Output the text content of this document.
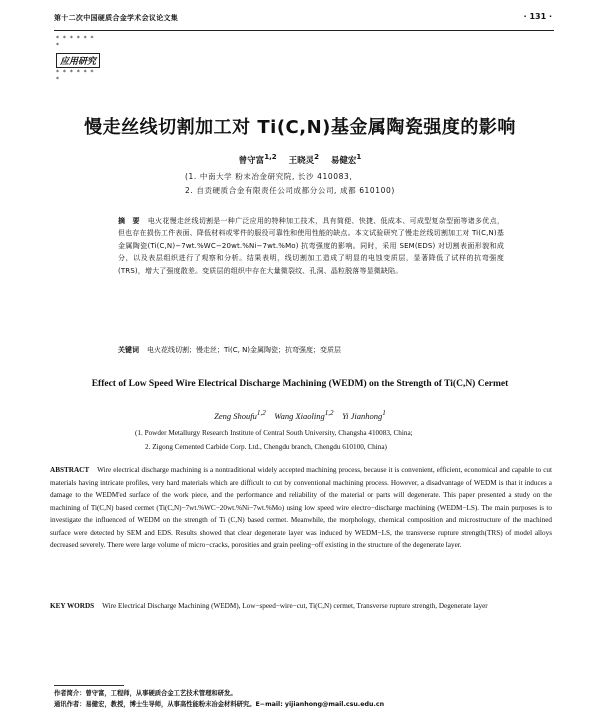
第十二次中国硬质合金学术会议论文集	· 131 ·
* * * * * * *
应用研究
* * * * * * *
慢走丝线切割加工对 Ti(C,N)基金属陶瓷强度的影响
曾守富$^{1,2}$ 王晓灵$^2$ 易健宏$^1$
(1. 中南大学 粉末冶金研究院, 长沙 410083,
2. 自贡硬质合金有限责任公司成都分公司, 成都 610100)
摘　要 电火花慢走丝线切割是一种广泛应用的特种加工技术，具有简便、快捷、低成本、可成型复杂型面等诸多优点，但也存在损伤工件表面、降低材料或零件的服役可靠性和使用性能的缺点。本文试验研究了慢走丝线切割加工对 Ti(C,N)基金属陶瓷(Ti(C,N)−7wt.%WC−20wt.%Ni−7wt.%Mo) 抗弯强度的影响。同时，采用 SEM(EDS) 对切割表面形貌和成分，以及表层组织进行了观察和分析。结果表明，线切割加工造成了明显的电蚀变质层，显著降低了试样的抗弯强度(TRS)，增大了强度散差。变质层的组织中存在大量微裂纹、孔洞、晶粒脱落等显微缺陷。
关键词 电火花线切割；慢走丝；Ti(C, N)金属陶瓷；抗弯强度；变质层
Effect of Low Speed Wire Electrical Discharge Machining (WEDM) on the Strength of Ti(C,N) Cermet
Zeng Shoufu$^{1,2}$ Wang Xiaoling$^{1,2}$ Yi Jianhong$^1$
(1. Powder Metallurgy Research Institute of Central South University, Changsha 410083, China;
2. Zigong Cemented Carbide Corp. Ltd., Chengdu branch, Chengdu 610100, China)
ABSTRACT Wire electrical discharge machining is a nontraditional widely accepted machining process, because it is convenient, efficient, economical and capable to cut materials having intricate profiles, very hard materials which are difficult to cut by conventional machining process. However, a disadvantage of WEDM is that it induces a damage to the WEDM'ed surface of the work piece, and the performance and reliability of the material or parts will degenerate. This paper presented a study on the machining of Ti(C,N) based cermet (Ti(C,N)−7wt.%WC−20wt.%Ni−7wt.%Mo) using low speed wire electro−discharge machining (WEDM−LS). The main purposes is to investigate the influenced of WEDM on the strength of Ti (C,N) based cermet. Meanwhile, the morphology, chemical composition and microstructure of the machined surface were detected by SEM and EDS. Results showed that clear degenerate layer was induced by WEDM−LS, the transverse rupture strength(TRS) of model alloys decreased severely. There were large volume of micro−cracks, porosities and grain peeling−off existing in the structure of the degenerate layer.
KEY WORDS Wire Electrical Discharge Machining (WEDM), Low−speed−wire−cut, Ti(C,N) cermet, Transverse rupture strength, Degenerate layer
作者简介：曾守富，工程师，从事硬质合金工艺技术管理和研发。
通讯作者：易健宏，教授，博士生导师，从事高性能粉末冶金材料研究。E−mail: yijianhong@mail.csu.edu.cn
